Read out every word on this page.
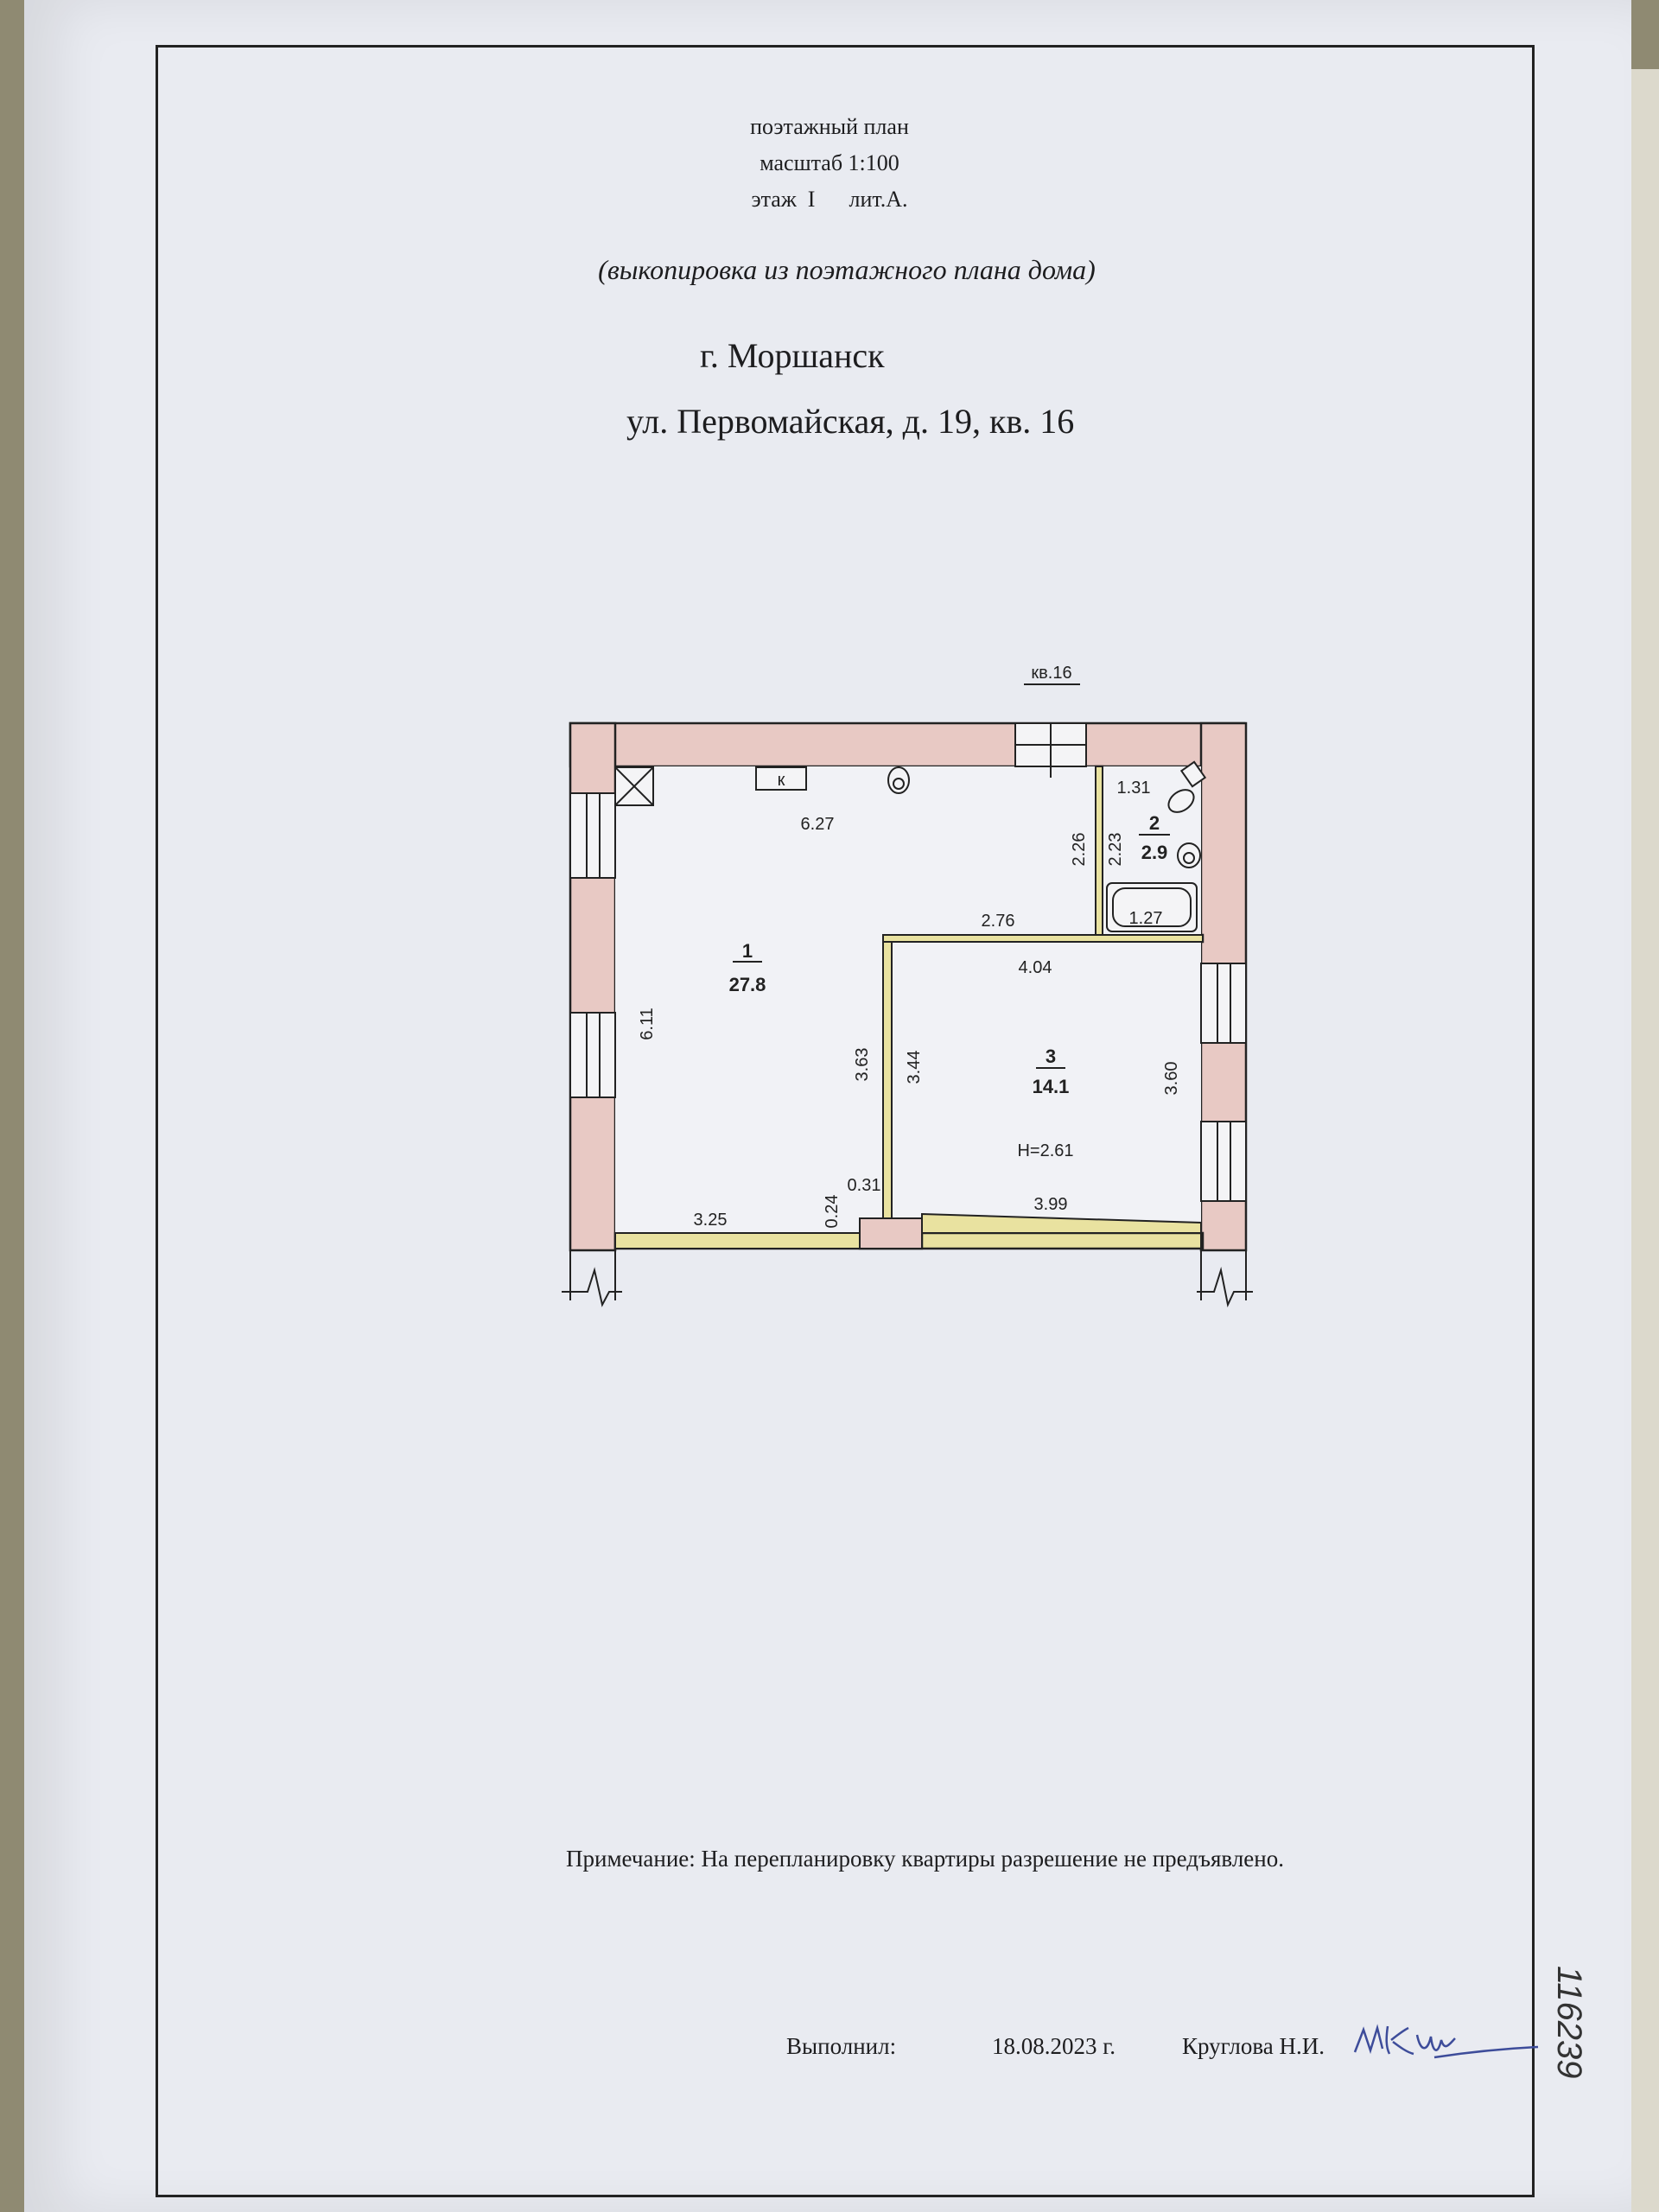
поэтажный план
масштаб 1:100
этаж I лит.А.
(выкопировка из поэтажного плана дома)
г. Моршанск
ул. Первомайская, д. 19, кв. 16
кв.16
к
1
27.8
2
2.9
3
14.1
H=2.61
6.27
6.11
2.76
3.63
3.25	0.24
0.31
1.31
2.26 2.23
1.27
4.04
3.44	3.60
3.99
Примечание: На перепланировку квартиры разрешение не предъявлено.
Выполнил:	18.08.2023 г.	Круглова Н.И.	116239
